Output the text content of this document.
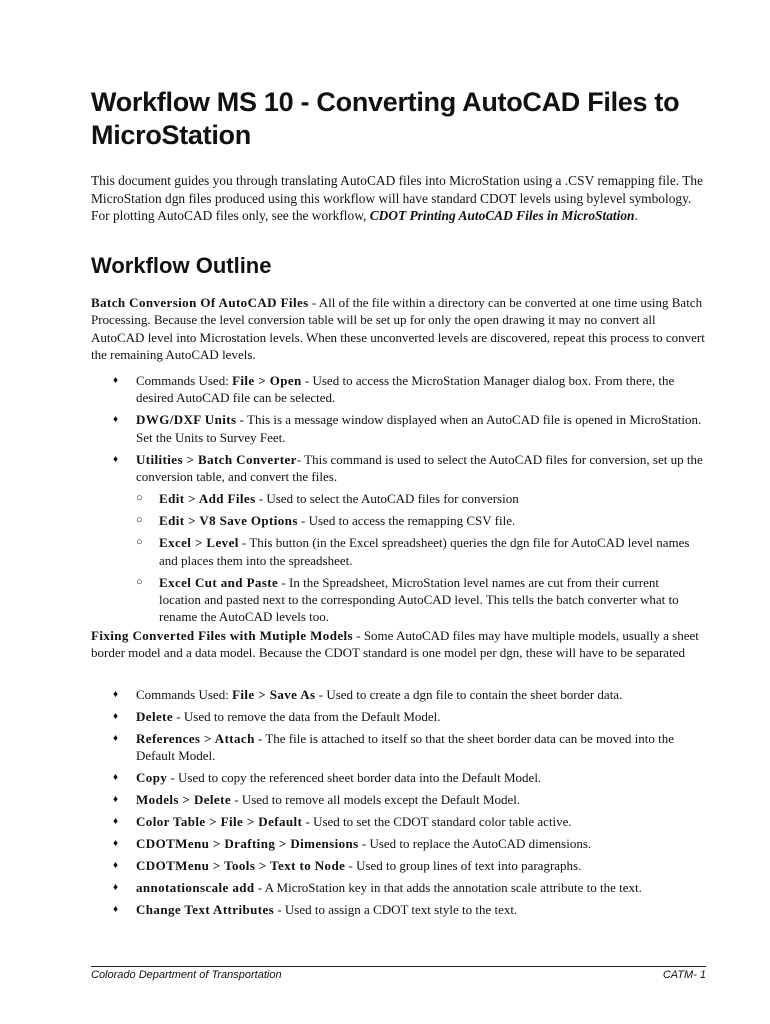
Workflow MS 10 - Converting AutoCAD Files to MicroStation

This document guides you through translating AutoCAD files into MicroStation using a .CSV remapping file. The MicroStation dgn files produced using this workflow will have standard CDOT levels using bylevel symbology. For plotting AutoCAD files only, see the workflow, CDOT Printing AutoCAD Files in MicroStation.

Workflow Outline

Batch Conversion Of AutoCAD Files - All of the file within a directory can be converted at one time using Batch Processing. Because the level conversion table will be set up for only the open drawing it may no convert all AutoCAD level into Microstation levels. When these unconverted levels are discovered, repeat this process to convert the remaining AutoCAD levels.

♦ Commands Used: File > Open - Used to access the MicroStation Manager dialog box. From there, the desired AutoCAD file can be selected.
♦ DWG/DXF Units - This is a message window displayed when an AutoCAD file is opened in MicroStation. Set the Units to Survey Feet.
♦ Utilities > Batch Converter- This command is used to select the AutoCAD files for conversion, set up the conversion table, and convert the files.
○ Edit > Add Files - Used to select the AutoCAD files for conversion
○ Edit > V8 Save Options - Used to access the remapping CSV file.
○ Excel > Level - This button (in the Excel spreadsheet) queries the dgn file for AutoCAD level names and places them into the spreadsheet.
○ Excel Cut and Paste - In the Spreadsheet, MicroStation level names are cut from their current location and pasted next to the corresponding AutoCAD level. This tells the batch converter what to rename the AutoCAD levels too.

Fixing Converted Files with Mutiple Models - Some AutoCAD files may have multiple models, usually a sheet border model and a data model. Because the CDOT standard is one model per dgn, these will have to be separated

♦ Commands Used: File > Save As - Used to create a dgn file to contain the sheet border data.
♦ Delete - Used to remove the data from the Default Model.
♦ References > Attach - The file is attached to itself so that the sheet border data can be moved into the Default Model.
♦ Copy - Used to copy the referenced sheet border data into the Default Model.
♦ Models > Delete - Used to remove all models except the Default Model.
♦ Color Table > File > Default - Used to set the CDOT standard color table active.
♦ CDOTMenu > Drafting > Dimensions - Used to replace the AutoCAD dimensions.
♦ CDOTMenu > Tools > Text to Node - Used to group lines of text into paragraphs.
♦ annotationscale add - A MicroStation key in that adds the annotation scale attribute to the text.
♦ Change Text Attributes - Used to assign a CDOT text style to the text.
Colorado Department of Transportation	CATM- 1
